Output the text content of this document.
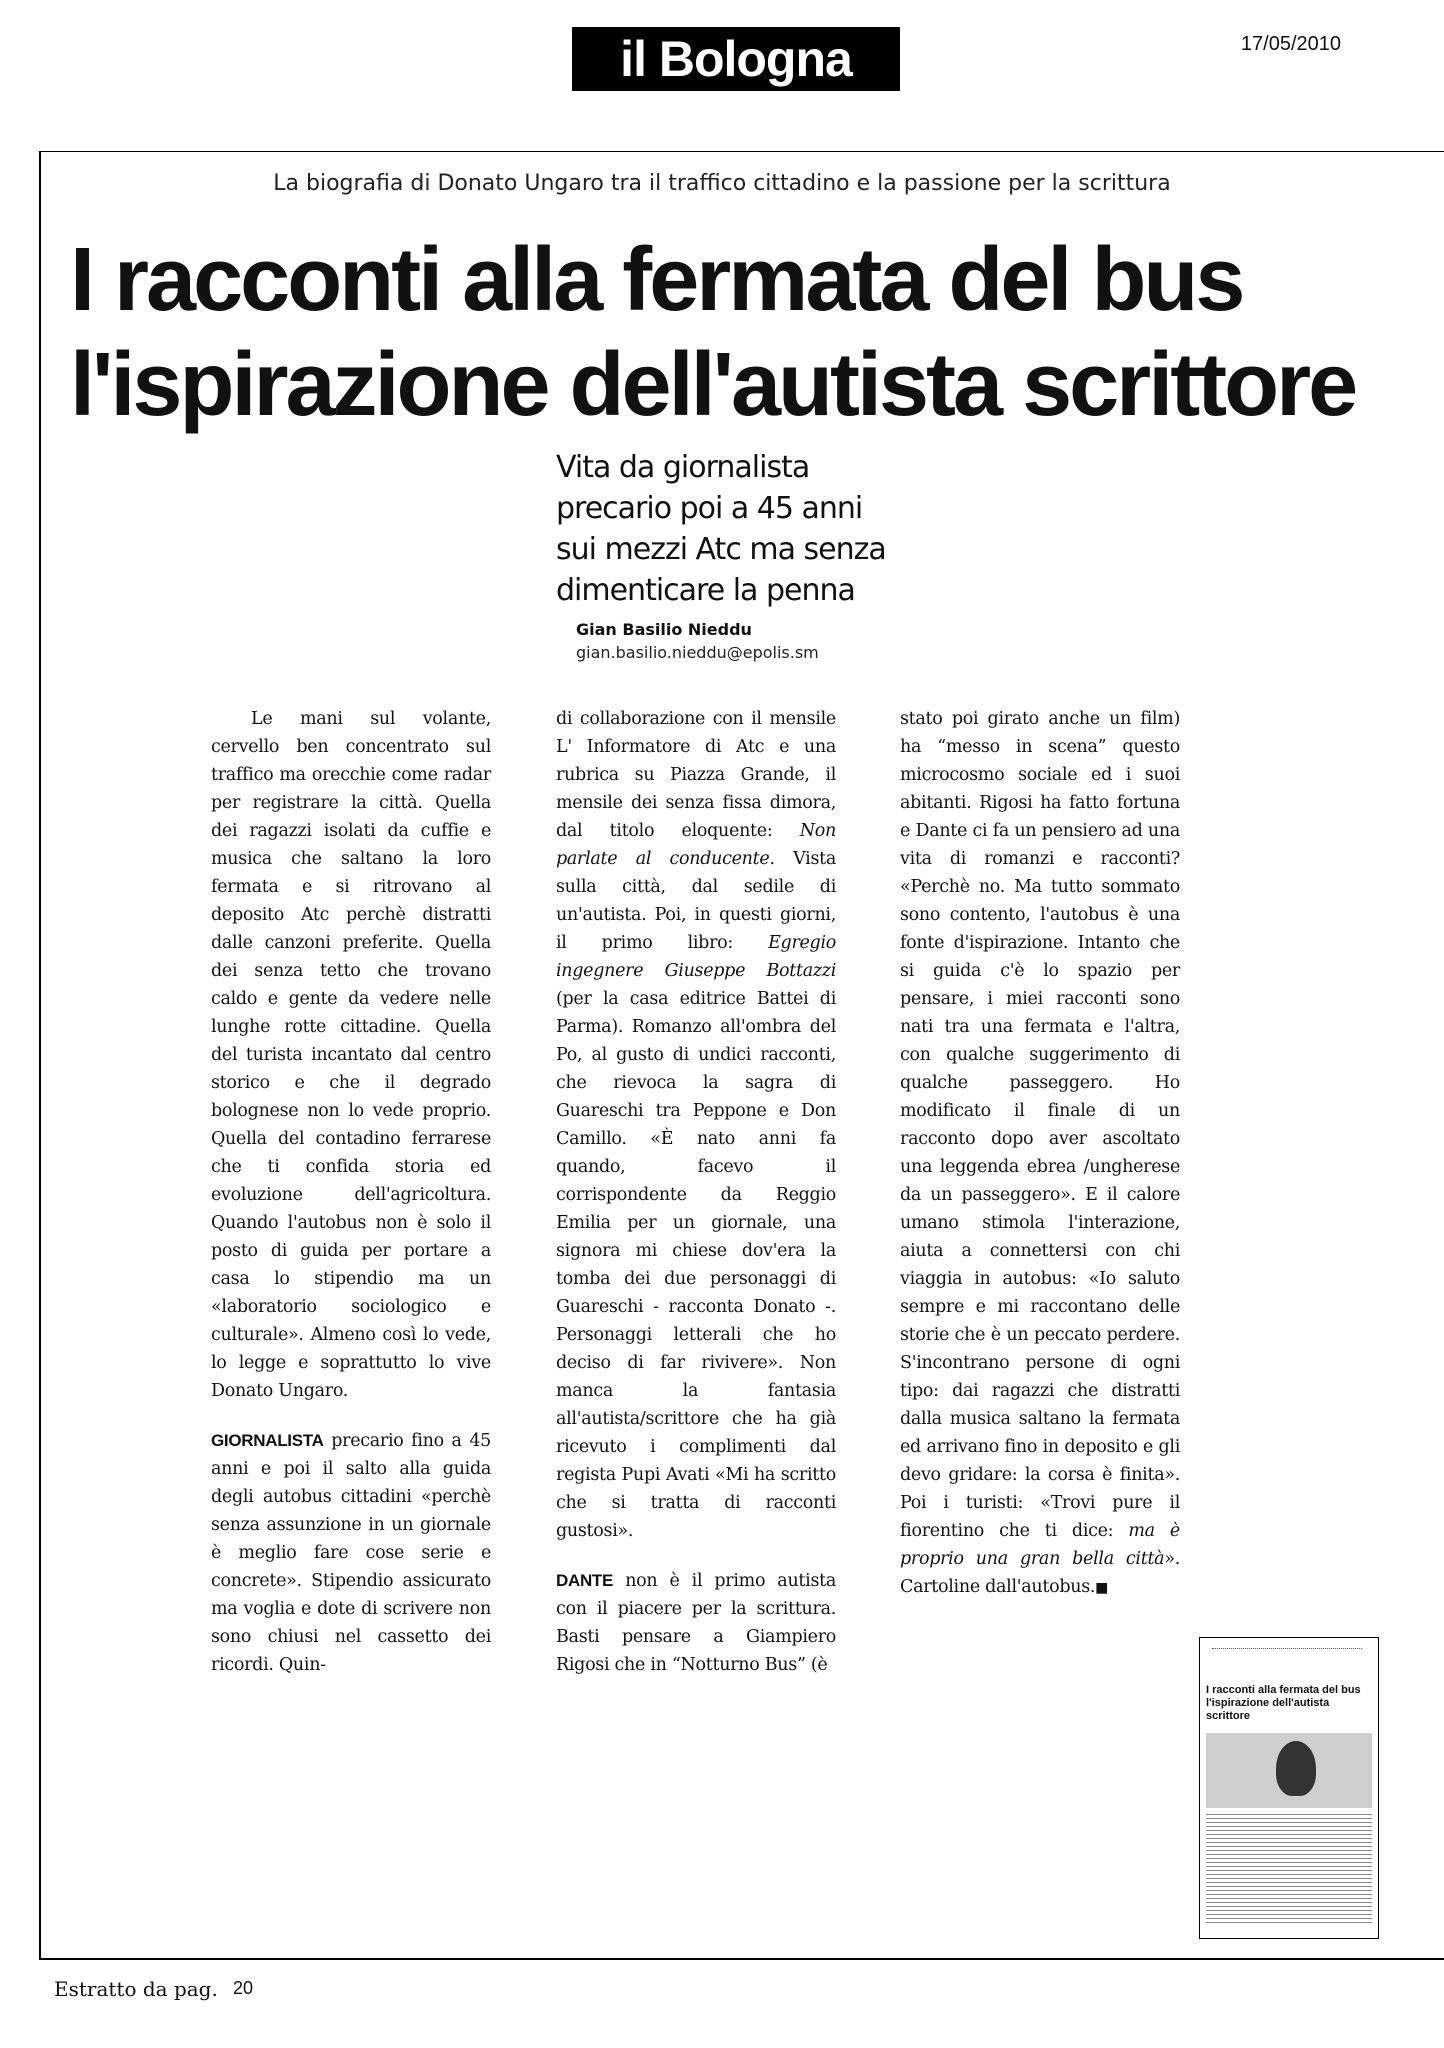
il Bologna	17/05/2010
La biografia di Donato Ungaro tra il traffico cittadino e la passione per la scrittura
I racconti alla fermata del bus
l'ispirazione dell'autista scrittore
Vita da giornalista precario poi a 45 anni sui mezzi Atc ma senza dimenticare la penna
Gian Basilio Nieddu
gian.basilio.nieddu@epolis.sm

Le mani sul volante, cervello ben concentrato sul traffico ma orecchie come radar per registrare la città. Quella dei ragazzi isolati da cuffie e musica che saltano la loro fermata e si ritrovano al deposito Atc perchè distratti dalle canzoni preferite. Quella dei senza tetto che trovano caldo e gente da vedere nelle lunghe rotte cittadine. Quella del turista incantato dal centro storico e che il degrado bolognese non lo vede proprio. Quella del contadino ferrarese che ti confida storia ed evoluzione dell'agricoltura. Quando l'autobus non è solo il posto di guida per portare a casa lo stipendio ma un «laboratorio sociologico e culturale». Almeno così lo vede, lo legge e soprattutto lo vive Donato Ungaro.

GIORNALISTA precario fino a 45 anni e poi il salto alla guida degli autobus cittadini «perchè senza assunzione in un giornale è meglio fare cose serie e concrete». Stipendio assicurato ma voglia e dote di scrivere non sono chiusi nel cassetto dei ricordi. Quin-

di collaborazione con il mensile L' Informatore di Atc e una rubrica su Piazza Grande, il mensile dei senza fissa dimora, dal titolo eloquente: Non parlate al conducente. Vista sulla città, dal sedile di un'autista. Poi, in questi giorni, il primo libro: Egregio ingegnere Giuseppe Bottazzi (per la casa editrice Battei di Parma). Romanzo all'ombra del Po, al gusto di undici racconti, che rievoca la sagra di Guareschi tra Peppone e Don Camillo. «È nato anni fa quando, facevo il corrispondente da Reggio Emilia per un giornale, una signora mi chiese dov'era la tomba dei due personaggi di Guareschi - racconta Donato -. Personaggi letterali che ho deciso di far rivivere». Non manca la fantasia all'autista/scrittore che ha già ricevuto i complimenti dal regista Pupi Avati «Mi ha scritto che si tratta di racconti gustosi».

DANTE non è il primo autista con il piacere per la scrittura. Basti pensare a Giampiero Rigosi che in “Notturno Bus” (è

stato poi girato anche un film) ha “messo in scena” questo microcosmo sociale ed i suoi abitanti. Rigosi ha fatto fortuna e Dante ci fa un pensiero ad una vita di romanzi e racconti? «Perchè no. Ma tutto sommato sono contento, l'autobus è una fonte d'ispirazione. Intanto che si guida c'è lo spazio per pensare, i miei racconti sono nati tra una fermata e l'altra, con qualche suggerimento di qualche passeggero. Ho modificato il finale di un racconto dopo aver ascoltato una leggenda ebrea /ungherese da un passeggero». E il calore umano stimola l'interazione, aiuta a connettersi con chi viaggia in autobus: «Io saluto sempre e mi raccontano delle storie che è un peccato perdere. S'incontrano persone di ogni tipo: dai ragazzi che distratti dalla musica saltano la fermata ed arrivano fino in deposito e gli devo gridare: la corsa è finita». Poi i turisti: «Trovi pure il fiorentino che ti dice: ma è proprio una gran bella città». Cartoline dall'autobus.■

I racconti alla fermata del bus l'ispirazione dell'autista scrittore
Estratto da pag. 20
